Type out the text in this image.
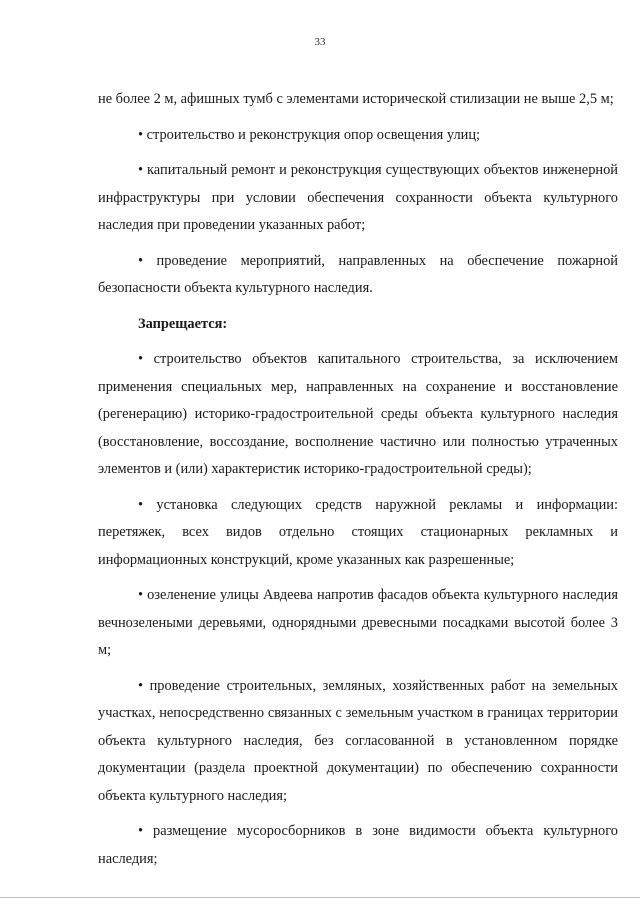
33

не более 2 м, афишных тумб с элементами исторической стилизации не выше 2,5 м;

• строительство и реконструкция опор освещения улиц;

• капитальный ремонт и реконструкция существующих объектов инженерной инфраструктуры при условии обеспечения сохранности объекта культурного наследия при проведении указанных работ;

• проведение мероприятий, направленных на обеспечение пожарной безопасности объекта культурного наследия.

Запрещается:

• строительство объектов капитального строительства, за исключением применения специальных мер, направленных на сохранение и восстановление (регенерацию) историко-градостроительной среды объекта культурного наследия (восстановление, воссоздание, восполнение частично или полностью утраченных элементов и (или) характеристик историко-градостроительной среды);

• установка следующих средств наружной рекламы и информации: перетяжек, всех видов отдельно стоящих стационарных рекламных и информационных конструкций, кроме указанных как разрешенные;

• озеленение улицы Авдеева напротив фасадов объекта культурного наследия вечнозелеными деревьями, однорядными древесными посадками высотой более 3 м;

• проведение строительных, земляных, хозяйственных работ на земельных участках, непосредственно связанных с земельным участком в границах территории объекта культурного наследия, без согласованной в установленном порядке документации (раздела проектной документации) по обеспечению сохранности объекта культурного наследия;

• размещение мусоросборников в зоне видимости объекта культурного наследия;
